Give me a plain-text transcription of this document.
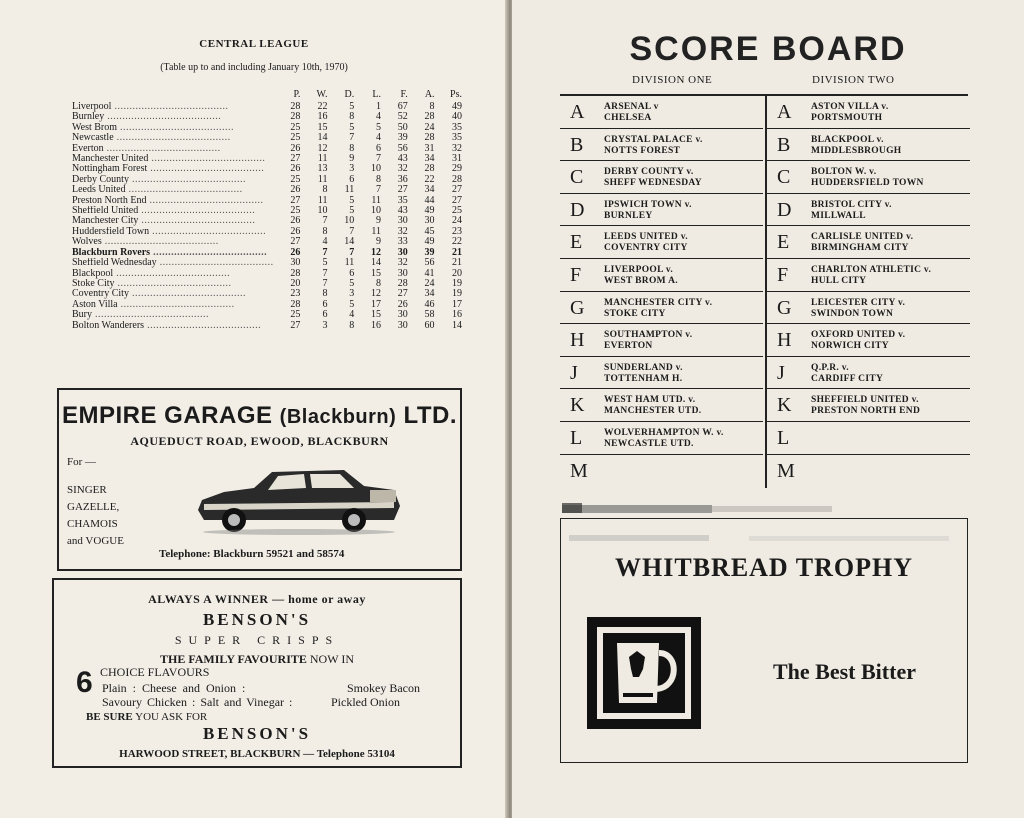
CENTRAL LEAGUE
(Table up to and including January 10th, 1970)
	P.	W.	D.	L.	F.	A.	Ps.
Liverpool .....	28	22	5	1	67	8	49
Burnley .....	28	16	8	4	52	28	40
West Brom .....	25	15	5	5	50	24	35
Newcastle .....	25	14	7	4	39	28	35
Everton .....	26	12	8	6	56	31	32
Manchester United .....	27	11	9	7	43	34	31
Nottingham Forest .....	26	13	3	10	32	28	29
Derby County .....	25	11	6	8	36	22	28
Leeds United .....	26	8	11	7	27	34	27
Preston North End .....	27	11	5	11	35	44	27
Sheffield United .....	25	10	5	10	43	49	25
Manchester City .....	26	7	10	9	30	30	24
Huddersfield Town .....	26	8	7	11	32	45	23
Wolves .....	27	4	14	9	33	49	22
Blackburn Rovers .....	26	7	7	12	30	39	21
Sheffield Wednesday .....	30	5	11	14	32	56	21
Blackpool .....	28	7	6	15	30	41	20
Stoke City .....	20	7	5	8	28	24	19
Coventry City .....	23	8	3	12	27	34	19
Aston Villa .....	28	6	5	17	26	46	17
Bury .....	25	6	4	15	30	58	16
Bolton Wanderers .....	27	3	8	16	30	60	14
EMPIRE GARAGE (Blackburn) LTD.
AQUEDUCT ROAD, EWOOD, BLACKBURN
For —
SINGER
GAZELLE,
CHAMOIS
and VOGUE
Telephone: Blackburn 59521 and 58574
ALWAYS A WINNER — home or away
BENSON'S
SUPER CRISPS
THE FAMILY FAVOURITE NOW IN
6 CHOICE FLAVOURS
Plain : Cheese and Onion :	Smokey Bacon
Savoury Chicken : Salt and Vinegar :	Pickled Onion
BE SURE YOU ASK FOR
BENSON'S
HARWOOD STREET, BLACKBURN — Telephone 53104
SCORE BOARD
DIVISION ONE	DIVISION TWO
A ARSENAL v
CHELSEA
B CRYSTAL PALACE v.
NOTTS FOREST
C DERBY COUNTY v.
SHEFF WEDNESDAY
D IPSWICH TOWN v.
BURNLEY
E LEEDS UNITED v.
COVENTRY CITY
F LIVERPOOL v.
WEST BROM A.
G MANCHESTER CITY v.
STOKE CITY
H SOUTHAMPTON v.
EVERTON
J	SUNDERLAND v.
TOTTENHAM H.
K WEST HAM UTD. v.
MANCHESTER UTD.
L WOLVERHAMPTON W. v.
NEWCASTLE UTD.
M
A ASTON VILLA v.
PORTSMOUTH
B BLACKPOOL v.
MIDDLESBROUGH
C BOLTON W. v.
HUDDERSFIELD TOWN
D BRISTOL CITY v.
MILLWALL
E CARLISLE UNITED v.
BIRMINGHAM CITY
F CHARLTON ATHLETIC v.
HULL CITY
G LEICESTER CITY v.
SWINDON TOWN
H OXFORD UNITED v.
NORWICH CITY
J	Q.P.R. v.
CARDIFF CITY
K SHEFFIELD UNITED v.
PRESTON NORTH END
L
M
WHITBREAD TROPHY
The Best Bitter
